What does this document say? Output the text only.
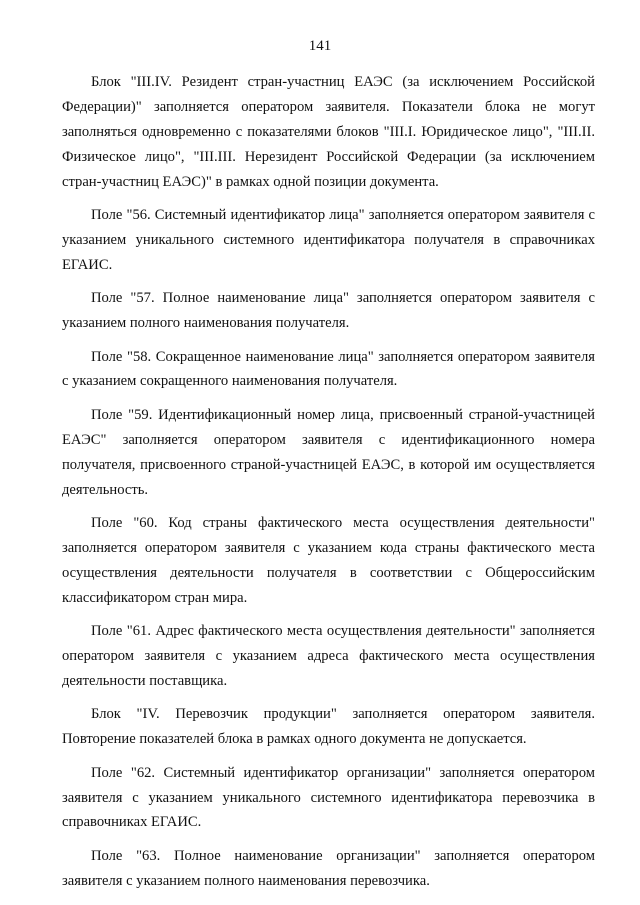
141

Блок "III.IV. Резидент стран-участниц ЕАЭС (за исключением Российской Федерации)" заполняется оператором заявителя. Показатели блока не могут заполняться одновременно с показателями блоков "III.I. Юридическое лицо", "III.II. Физическое лицо", "III.III. Нерезидент Российской Федерации (за исключением стран-участниц ЕАЭС)" в рамках одной позиции документа.

Поле "56. Системный идентификатор лица" заполняется оператором заявителя с указанием уникального системного идентификатора получателя в справочниках ЕГАИС.

Поле "57. Полное наименование лица" заполняется оператором заявителя с указанием полного наименования получателя.

Поле "58. Сокращенное наименование лица" заполняется оператором заявителя с указанием сокращенного наименования получателя.

Поле "59. Идентификационный номер лица, присвоенный страной-участницей ЕАЭС" заполняется оператором заявителя с идентификационного номера получателя, присвоенного страной-участницей ЕАЭС, в которой им осуществляется деятельность.

Поле "60. Код страны фактического места осуществления деятельности" заполняется оператором заявителя с указанием кода страны фактического места осуществления деятельности получателя в соответствии с Общероссийским классификатором стран мира.

Поле "61. Адрес фактического места осуществления деятельности" заполняется оператором заявителя с указанием адреса фактического места осуществления деятельности поставщика.

Блок "IV. Перевозчик продукции" заполняется оператором заявителя. Повторение показателей блока в рамках одного документа не допускается.

Поле "62. Системный идентификатор организации" заполняется оператором заявителя с указанием уникального системного идентификатора перевозчика в справочниках ЕГАИС.

Поле "63. Полное наименование организации" заполняется оператором заявителя с указанием полного наименования перевозчика.
